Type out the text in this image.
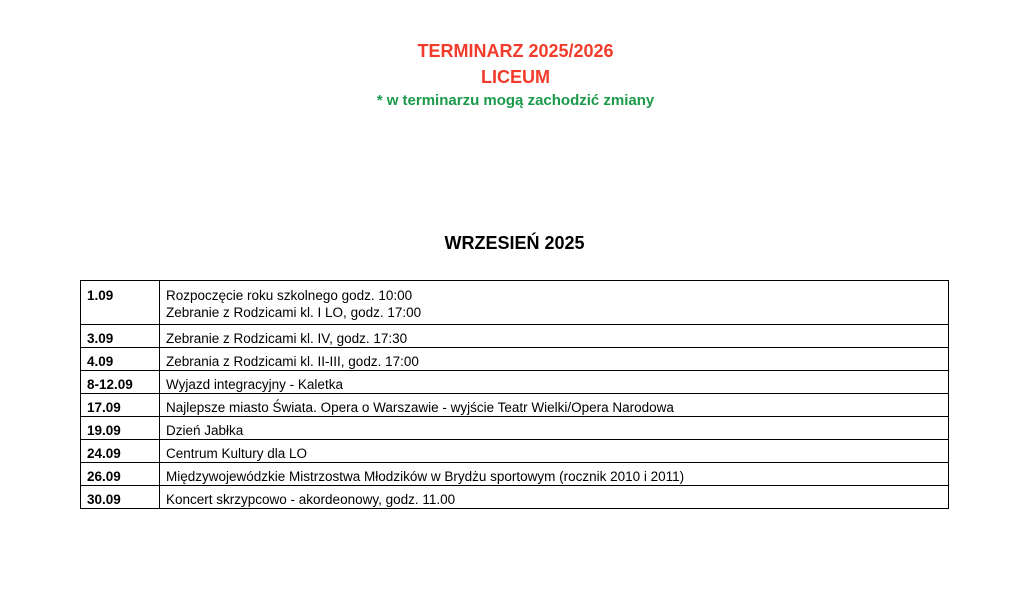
TERMINARZ 2025/2026
LICEUM
* w terminarzu mogą zachodzić zmiany
WRZESIEŃ 2025
1.09	Rozpoczęcie roku szkolnego godz. 10:00
Zebranie z Rodzicami kl. I LO, godz. 17:00

3.09	Zebranie z Rodzicami kl. IV, godz. 17:30

4.09	Zebrania z Rodzicami kl. II-III, godz. 17:00

8-12.09	Wyjazd integracyjny - Kaletka

17.09	Najlepsze miasto Świata. Opera o Warszawie - wyjście Teatr Wielki/Opera Narodowa

19.09	Dzień Jabłka

24.09	Centrum Kultury dla LO

26.09	Międzywojewódzkie Mistrzostwa Młodzików w Brydżu sportowym (rocznik 2010 i 2011)

30.09	Koncert skrzypcowo - akordeonowy, godz. 11.00
